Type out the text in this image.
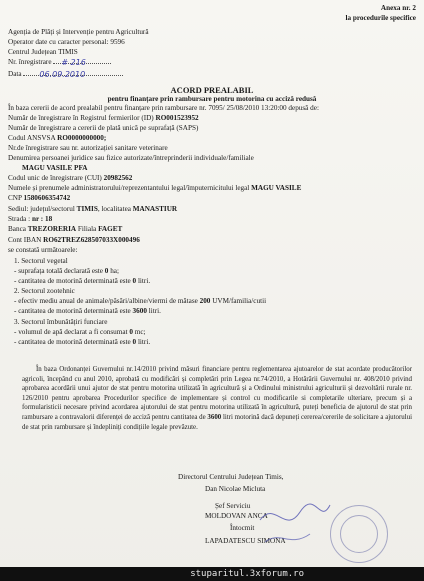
Anexa nr. 2
la procedurile specifice
Agenția de Plăți și Intervenție pentru Agricultură
Operator date cu caracter personal: 9596
Centrul Județean TIMIS
Nr. înregistrare # 216
Data 06.09.2010
ACORD PREALABIL
pentru finanțare prin rambursare pentru motorina cu acciză redusă
În baza cererii de acord prealabil pentru finanțare prin rambursare nr. 7095/ 25/08/2010 13:20:00 depusă de:
Număr de înregistrare în Registrul fermierilor (ID) RO001523952
Număr de înregistrare a cererii de plată unică pe suprafață (SAPS)
Codul ANSVSA RO0000000000;
Nr.de înregistrare sau nr. autorizației sanitare veterinare
Denumirea persoanei juridice sau fizice autorizate/întreprinderii individuale/familiale
MAGU VASILE PFA
Codul unic de înregistrare (CUI) 20982562
Numele și prenumele administratorului/reprezentantului legal/împuternicitului legal MAGU VASILE
CNP 1580606354742
Sediul: județul/sectorul TIMIS, localitatea MANASTIUR
Strada : nr : 18
Banca TREZORERIA Filiala FAGET
Cont IBAN RO62TREZ628507033X000496
se constată următoarele:
1. Sectorul vegetal
- suprafața totală declarată este 0 ha;
- cantitatea de motorină determinată este 0 litri.
2. Sectorul zootehnic
- efectiv mediu anual de animale/păsări/albine/viermi de mătase 200 UVM/familia/cutii
- cantitatea de motorină determinată este 3600 litri.
3. Sectorul îmbunătățiri funciare
- volumul de apă declarat a fi consumat 0 mc;
- cantitatea de motorină determinată este 0 litri.
În baza Ordonanței Guvernului nr.14/2010 privind măsuri financiare pentru reglementarea ajutoarelor de stat acordate producătorilor agricoli, începând cu anul 2010, aprobată cu modificări și completări prin Legea nr.74/2010, a Hotărârii Guvernului nr. 408/2010 privind aprobarea acordării unui ajutor de stat pentru motorina utilizată în agricultură și a Ordinului ministrului agriculturii și dezvoltării rurale nr. 126/2010 pentru aprobarea Procedurilor specifice de implementare și control cu modificarile si completarile ulteriare, precum și a formularisticii necesare privind acordarea ajutorului de stat pentru motorina utilizată în agricultură, puteți beneficia de ajutorul de stat prin rambursare a contravalorii diferenței de acciză pentru cantitatea de 3600 litri motorină dacă depuneți cererea/cererile de solicitare a ajutorului de stat prin rambursare și îndepliniți condițiile legale prevăzute.
Directorul Centrului Județean Timis,
Dan Nicolae Micluta
Șef Serviciu
MOLDOVAN ANCA
Întocmit
LAPADATESCU SIMONA
stuparitul.3xforum.ro
